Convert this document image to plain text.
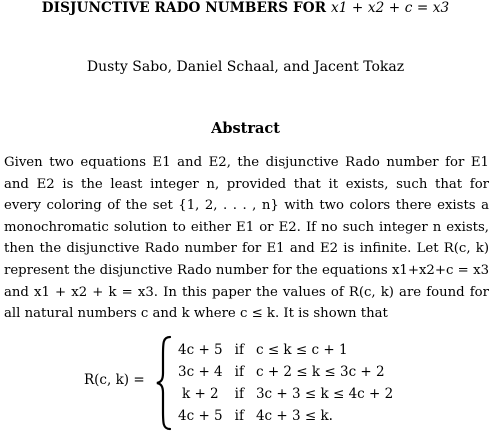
DISJUNCTIVE RADO NUMBERS FOR x1 + x2 + c = x3
Dusty Sabo, Daniel Schaal, and Jacent Tokaz
Abstract
Given two equations E1 and E2, the disjunctive Rado number for E1
and E2 is the least integer n, provided that it exists, such that for
every coloring of the set {1, 2, . . . , n} with two colors there exists a
monochromatic solution to either E1 or E2. If no such integer n exists,
then the disjunctive Rado number for E1 and E2 is infinite. Let R(c, k)
represent the disjunctive Rado number for the equations x1+x2+c = x3
and x1 + x2 + k = x3. In this paper the values of R(c, k) are found for
all natural numbers c and k where c ≤ k. It is shown that
R(c, k) =
4c + 5	if	c ≤ k ≤ c + 1
3c + 4	if	c + 2 ≤ k ≤ 3c + 2
k + 2	if	3c + 3 ≤ k ≤ 4c + 2
4c + 5	if	4c + 3 ≤ k.
